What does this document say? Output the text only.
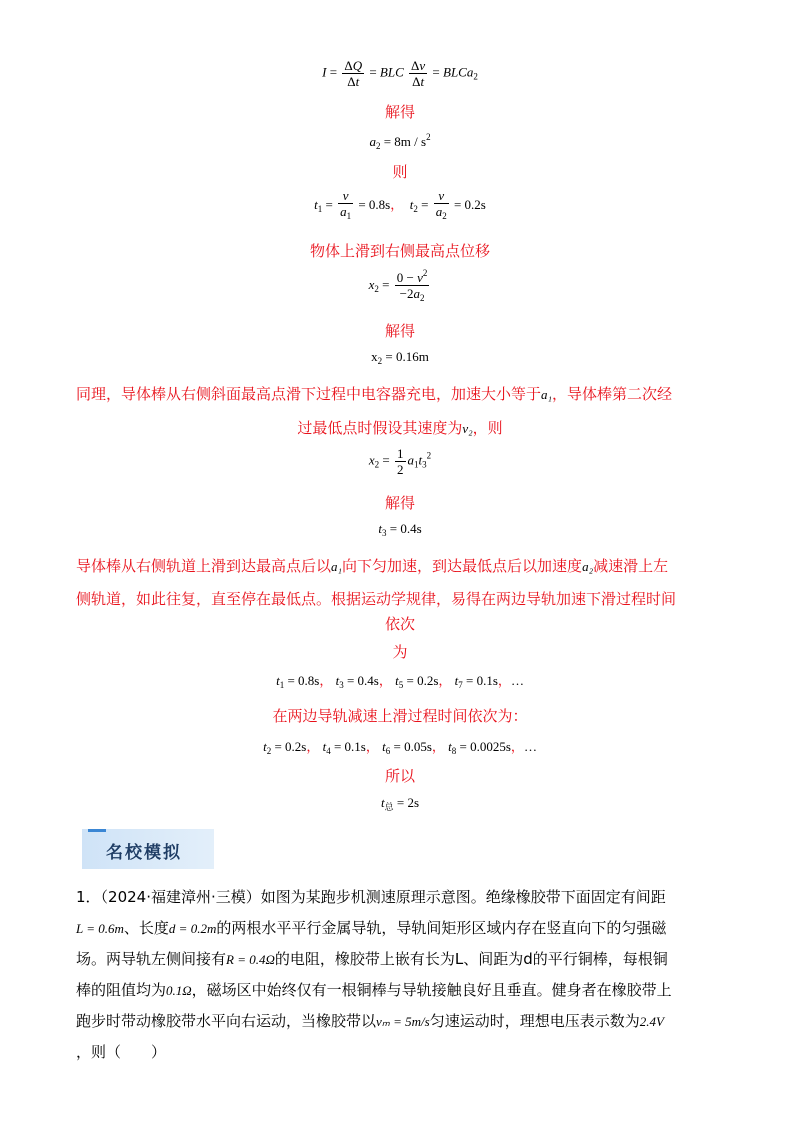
$I = \frac{\Delta Q}{\Delta t}$ = BLC $\frac{\Delta v}{\Delta t}$ = BLCa$_2$
解得
$a_2 = 8m / s^2$
则
$t_1 = \frac{v}{a_1} = 0.8s$， $t_2 = \frac{v}{a_2} = 0.2s$
物体上滑到右侧最高点位移
$x_2 = \frac{0 - v^2}{-2a_2}$
解得
$x_2 = 0.16m$
同理，导体棒从右侧斜面最高点滑下过程中电容器充电，加速大小等于a₁，导体棒第二次经
过最低点时假设其速度为v₂，则
$x_2 = \frac{1}{2} a_1t_3^2$
解得
$t_3 = 0.4s$
导体棒从右侧轨道上滑到达最高点后以a₁向下匀加速，到达最低点后以加速度a₂减速滑上左
侧轨道，如此往复，直至停在最低点。根据运动学规律，易得在两边导轨加速下滑过程时间
依次
为
$t_1 = 0.8s$， $t_3 = 0.4s$， $t_5 = 0.2s$， $t_7 = 0.1s$，…
在两边导轨减速上滑过程时间依次为：
$t_2 = 0.2s$， $t_4 = 0.1s$， $t_6 = 0.05s$， $t_8 = 0.0025s$，…
所以
$t_总 = 2s$
名校模拟
1．（2024·福建漳州·三模）如图为某跑步机测速原理示意图。绝缘橡胶带下面固定有间距
L = 0.6m、长度d = 0.2m的两根水平平行金属导轨，导轨间矩形区域内存在竖直向下的匀强磁
场。两导轨左侧间接有R = 0.4Ω的电阻，橡胶带上嵌有长为L、间距为d的平行铜棒，每根铜
棒的阻值均为0.1Ω，磁场区中始终仅有一根铜棒与导轨接触良好且垂直。健身者在橡胶带上
跑步时带动橡胶带水平向右运动，当橡胶带以vₘ = 5m/s匀速运动时，理想电压表示数为2.4V
，则（　　）
